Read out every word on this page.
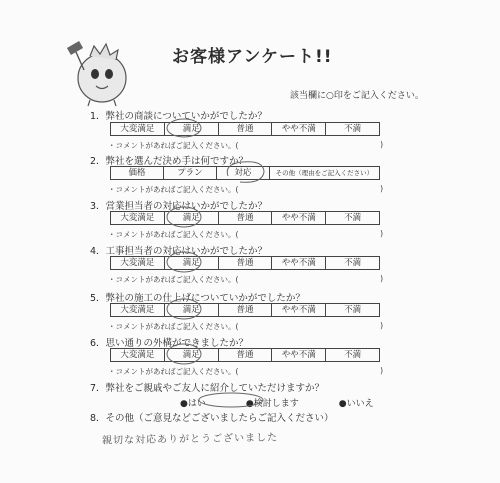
お客様アンケート!!
該当欄に○印をご記入ください。
1．弊社の商談についていかがでしたか？
大変満足	満足	普通	やや不満	不満
・コメントがあればご記入ください。(	)
2．弊社を選んだ決め手は何ですか？
価格	プラン	対応	その他（理由をご記入ください）
・コメントがあればご記入ください。(	)
3．営業担当者の対応はいかがでしたか？
大変満足	満足	普通	やや不満	不満
・コメントがあればご記入ください。(	)
4．工事担当者の対応はいかがでしたか？
大変満足	満足	普通	やや不満	不満
・コメントがあればご記入ください。(	)
5．弊社の施工の仕上げについていかがでしたか？
大変満足	満足	普通	やや不満	不満
・コメントがあればご記入ください。(	)
6．思い通りの外構ができましたか？
大変満足	満足	普通	やや不満	不満
・コメントがあればご記入ください。(	)
7．弊社をご親戚やご友人に紹介していただけますか？
●はい	●検討します	●いいえ
8．その他（ご意見などございましたらご記入ください）
親切な対応ありがとうございました
